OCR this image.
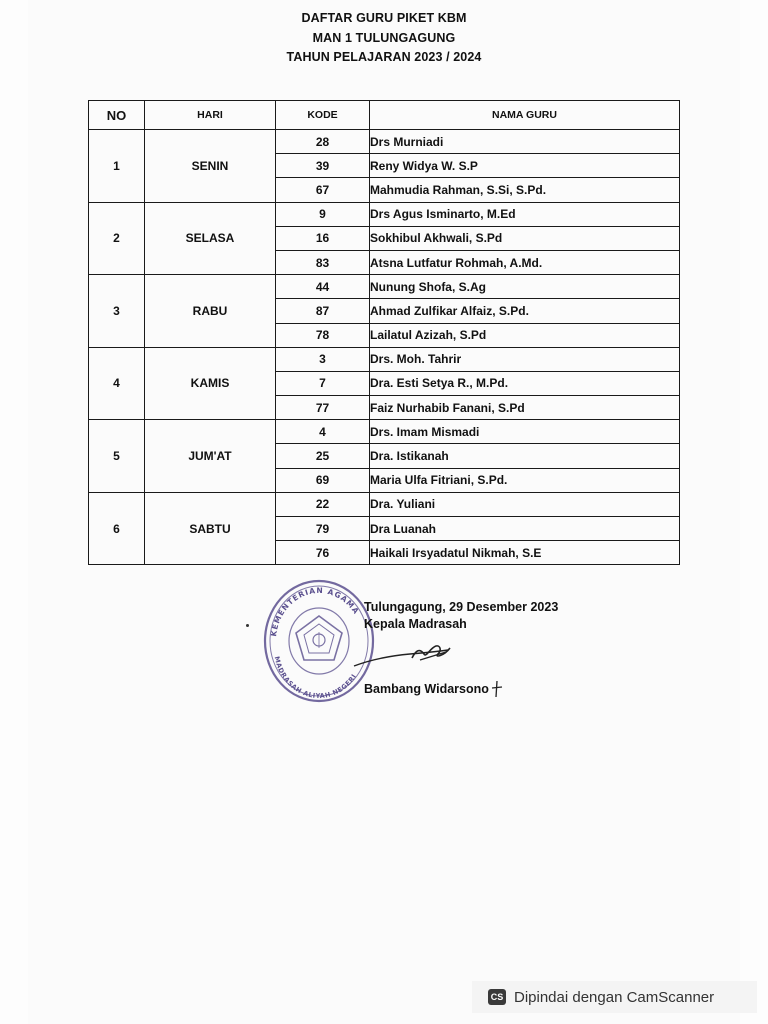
DAFTAR GURU PIKET KBM
MAN 1 TULUNGAGUNG
TAHUN PELAJARAN 2023 / 2024
NO	HARI	KODE	NAMA GURU
1	SENIN	28	Drs Murniadi
		39	Reny Widya W. S.P
		67	Mahmudia Rahman, S.Si, S.Pd.
2	SELASA	9	Drs Agus Isminarto, M.Ed
		16	Sokhibul Akhwali, S.Pd
		83	Atsna Lutfatur Rohmah, A.Md.
3	RABU	44	Nunung Shofa, S.Ag
		87	Ahmad Zulfikar Alfaiz, S.Pd.
		78	Lailatul Azizah, S.Pd
4	KAMIS	3	Drs. Moh. Tahrir
		7	Dra. Esti Setya R., M.Pd.
		77	Faiz Nurhabib Fanani, S.Pd
5	JUM'AT	4	Drs. Imam Mismadi
		25	Dra. Istikanah
		69	Maria Ulfa Fitriani, S.Pd.
6	SABTU	22	Dra. Yuliani
		79	Dra Luanah
		76	Haikali Irsyadatul Nikmah, S.E
KEMENTERIAN AGAMA
MADRASAH ALIYAH NEGERI
Tulungagung, 29 Desember 2023
Kepala Madrasah
Bambang Widarsono
CS Dipindai dengan CamScanner
